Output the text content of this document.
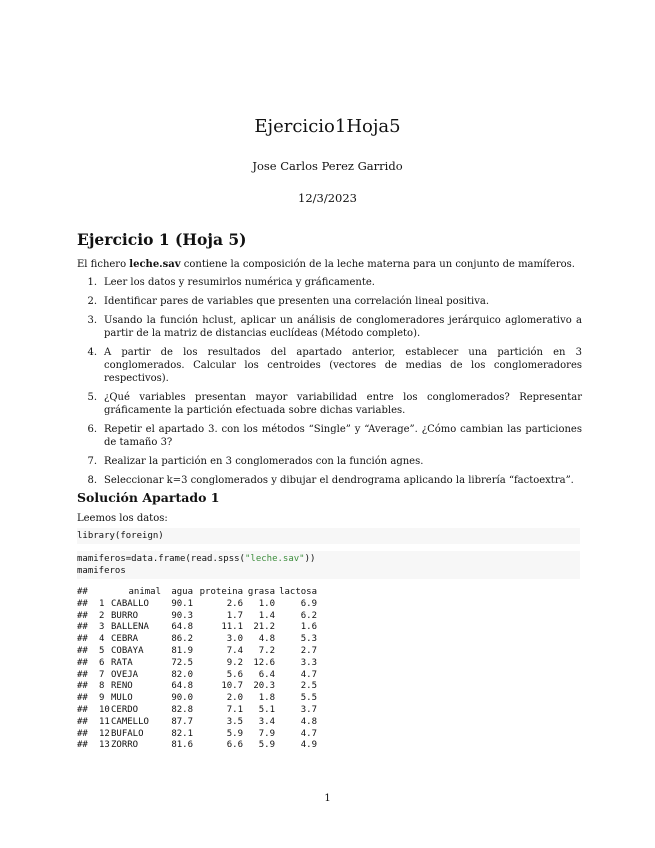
Ejercicio1Hoja5
Jose Carlos Perez Garrido
12/3/2023
Ejercicio 1 (Hoja 5)
El fichero leche.sav contiene la composición de la leche materna para un conjunto de mamíferos.
1. Leer los datos y resumirlos numérica y gráficamente.
2. Identificar pares de variables que presenten una correlación lineal positiva.
3. Usando la función hclust, aplicar un análisis de conglomeradores jerárquico aglomerativo a partir de la matriz de distancias euclídeas (Método completo).
4. A partir de los resultados del apartado anterior, establecer una partición en 3 conglomerados. Calcular los centroides (vectores de medias de los conglomeradores respectivos).
5. ¿Qué variables presentan mayor variabilidad entre los conglomerados? Representar gráficamente la partición efectuada sobre dichas variables.
6. Repetir el apartado 3. con los métodos “Single” y “Average”. ¿Cómo cambian las particiones de tamaño 3?
7. Realizar la partición en 3 conglomerados con la función agnes.
8. Seleccionar k=3 conglomerados y dibujar el dendrograma aplicando la librería “factoextra”.
Solución Apartado 1
Leemos los datos:
library(foreign)
mamiferos=data.frame(read.spss("leche.sav"))
mamiferos
##		animal	agua	proteina	grasa	lactosa
##	1	CABALLO	90.1	2.6	1.0	6.9
##	2	BURRO	90.3	1.7	1.4	6.2
##	3	BALLENA	64.8	11.1	21.2	1.6
##	4	CEBRA	86.2	3.0	4.8	5.3
##	5	COBAYA	81.9	7.4	7.2	2.7
##	6	RATA	72.5	9.2	12.6	3.3
##	7	OVEJA	82.0	5.6	6.4	4.7
##	8	RENO	64.8	10.7	20.3	2.5
##	9	MULO	90.0	2.0	1.8	5.5
##	10	CERDO	82.8	7.1	5.1	3.7
##	11	CAMELLO	87.7	3.5	3.4	4.8
##	12	BUFALO	82.1	5.9	7.9	4.7
##	13	ZORRO	81.6	6.6	5.9	4.9
1
